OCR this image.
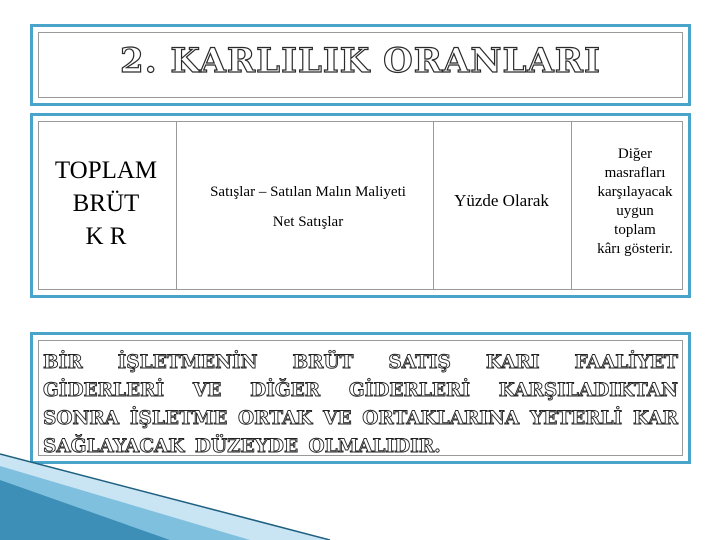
2. KARLILIK ORANLARI
TOPLAM
BRÜT
K R
Satışlar – Satılan Malın Maliyeti
Net Satışlar
Yüzde Olarak
Diğer
masrafları
karşılayacak
uygun
toplam
kârı gösterir.
BİR İŞLETMENİN BRÜT SATIŞ KARI FAALİYET GİDERLERİ VE DİĞER GİDERLERİ KARŞILADIKTAN SONRA İŞLETME ORTAK VE ORTAKLARINA YETERLİ KAR SAĞLAYACAK DÜZEYDE OLMALIDIR.
